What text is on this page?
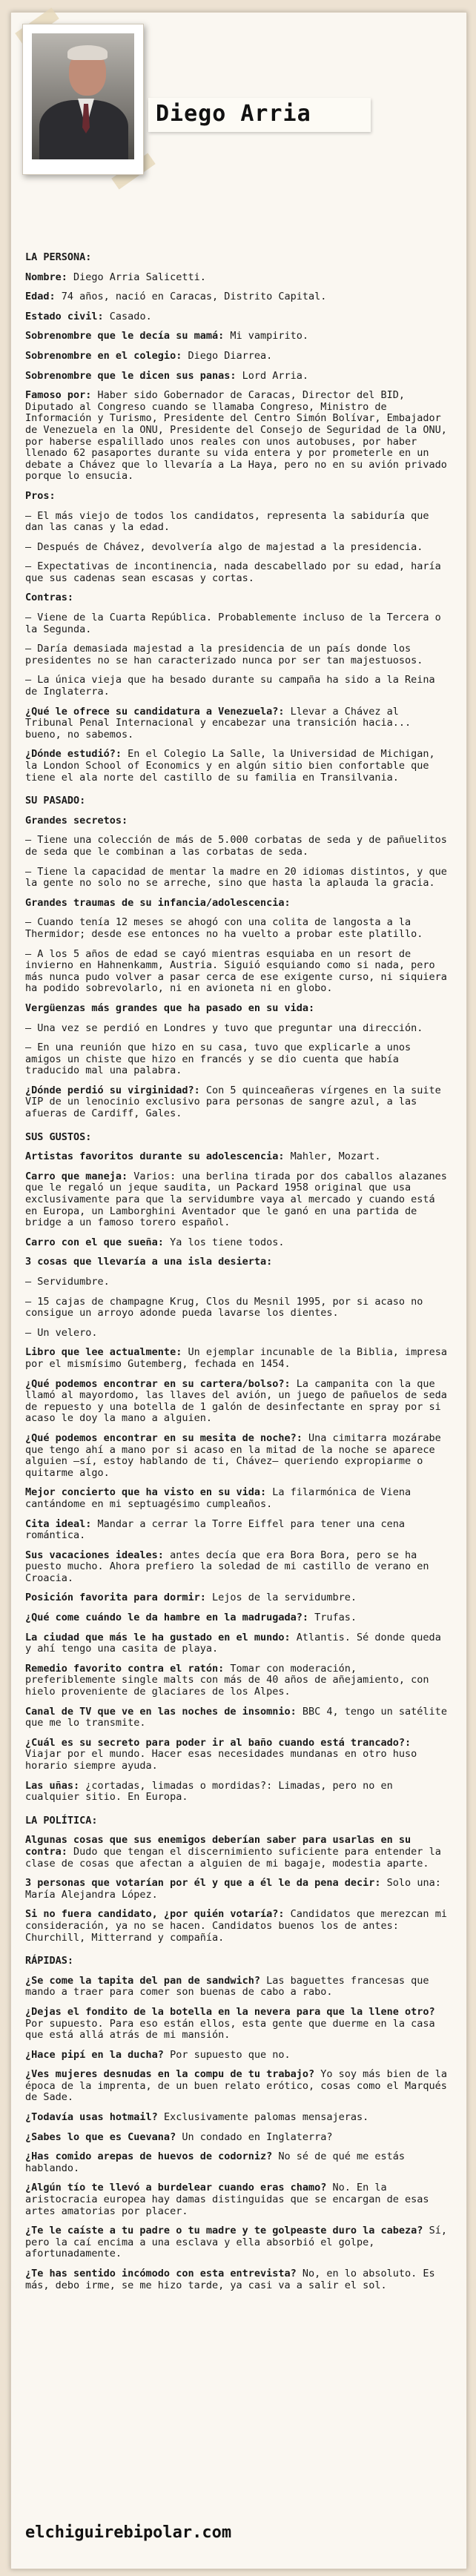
Diego Arria

LA PERSONA:

Nombre: Diego Arria Salicetti.

Edad: 74 años, nació en Caracas, Distrito Capital.

Estado civil: Casado.

Sobrenombre que le decía su mamá: Mi vampirito.

Sobrenombre en el colegio: Diego Diarrea.

Sobrenombre que le dicen sus panas: Lord Arria.

Famoso por: Haber sido Gobernador de Caracas, Director del BID, Diputado al Congreso cuando se llamaba Congreso, Ministro de Información y Turismo, Presidente del Centro Simón Bolívar, Embajador de Venezuela en la ONU, Presidente del Consejo de Seguridad de la ONU, por haberse espalillado unos reales con unos autobuses, por haber llenado 62 pasaportes durante su vida entera y por prometerle en un debate a Chávez que lo llevaría a La Haya, pero no en su avión privado porque lo ensucia.

Pros:

– El más viejo de todos los candidatos, representa la sabiduría que dan las canas y la edad.

– Después de Chávez, devolvería algo de majestad a la presidencia.

– Expectativas de incontinencia, nada descabellado por su edad, haría que sus cadenas sean escasas y cortas.

Contras:

– Viene de la Cuarta República. Probablemente incluso de la Tercera o la Segunda.

– Daría demasiada majestad a la presidencia de un país donde los presidentes no se han caracterizado nunca por ser tan majestuosos.

– La única vieja que ha besado durante su campaña ha sido a la Reina de Inglaterra.

¿Qué le ofrece su candidatura a Venezuela?: Llevar a Chávez al Tribunal Penal Internacional y encabezar una transición hacia... bueno, no sabemos.

¿Dónde estudió?: En el Colegio La Salle, la Universidad de Michigan, la London School of Economics y en algún sitio bien confortable que tiene el ala norte del castillo de su familia en Transilvania.

SU PASADO:

Grandes secretos:

– Tiene una colección de más de 5.000 corbatas de seda y de pañuelitos de seda que le combinan a las corbatas de seda.

– Tiene la capacidad de mentar la madre en 20 idiomas distintos, y que la gente no solo no se arreche, sino que hasta la aplauda la gracia.

Grandes traumas de su infancia/adolescencia:

– Cuando tenía 12 meses se ahogó con una colita de langosta a la Thermidor; desde ese entonces no ha vuelto a probar este platillo.

– A los 5 años de edad se cayó mientras esquiaba en un resort de invierno en Hahnenkamm, Austria. Siguió esquiando como si nada, pero más nunca pudo volver a pasar cerca de ese exigente curso, ni siquiera ha podido sobrevolarlo, ni en avioneta ni en globo.

Vergüenzas más grandes que ha pasado en su vida:

– Una vez se perdió en Londres y tuvo que preguntar una dirección.

– En una reunión que hizo en su casa, tuvo que explicarle a unos amigos un chiste que hizo en francés y se dio cuenta que había traducido mal una palabra.

¿Dónde perdió su virginidad?: Con 5 quinceañeras vírgenes en la suite VIP de un lenocinio exclusivo para personas de sangre azul, a las afueras de Cardiff, Gales.

SUS GUSTOS:

Artistas favoritos durante su adolescencia: Mahler, Mozart.

Carro que maneja: Varios: una berlina tirada por dos caballos alazanes que le regaló un jeque saudita, un Packard 1958 original que usa exclusivamente para que la servidumbre vaya al mercado y cuando está en Europa, un Lamborghini Aventador que le ganó en una partida de bridge a un famoso torero español.

Carro con el que sueña: Ya los tiene todos.

3 cosas que llevaría a una isla desierta:

– Servidumbre.

– 15 cajas de champagne Krug, Clos du Mesnil 1995, por si acaso no consigue un arroyo adonde pueda lavarse los dientes.

– Un velero.

Libro que lee actualmente: Un ejemplar incunable de la Biblia, impresa por el mismísimo Gutemberg, fechada en 1454.

¿Qué podemos encontrar en su cartera/bolso?: La campanita con la que llamó al mayordomo, las llaves del avión, un juego de pañuelos de seda de repuesto y una botella de 1 galón de desinfectante en spray por si acaso le doy la mano a alguien.

¿Qué podemos encontrar en su mesita de noche?: Una cimitarra mozárabe que tengo ahí a mano por si acaso en la mitad de la noche se aparece alguien –sí, estoy hablando de ti, Chávez– queriendo expropiarme o quitarme algo.

Mejor concierto que ha visto en su vida: La filarmónica de Viena cantándome en mi septuagésimo cumpleaños.

Cita ideal: Mandar a cerrar la Torre Eiffel para tener una cena romántica.

Sus vacaciones ideales: antes decía que era Bora Bora, pero se ha puesto mucho. Ahora prefiero la soledad de mi castillo de verano en Croacia.

Posición favorita para dormir: Lejos de la servidumbre.

¿Qué come cuándo le da hambre en la madrugada?: Trufas.

La ciudad que más le ha gustado en el mundo: Atlantis. Sé donde queda y ahí tengo una casita de playa.

Remedio favorito contra el ratón: Tomar con moderación, preferiblemente single malts con más de 40 años de añejamiento, con hielo proveniente de glaciares de los Alpes.

Canal de TV que ve en las noches de insomnio: BBC 4, tengo un satélite que me lo transmite.

¿Cuál es su secreto para poder ir al baño cuando está trancado?: Viajar por el mundo. Hacer esas necesidades mundanas en otro huso horario siempre ayuda.

Las uñas: ¿cortadas, limadas o mordidas?: Limadas, pero no en cualquier sitio. En Europa.

LA POLÍTICA:

Algunas cosas que sus enemigos deberían saber para usarlas en su contra: Dudo que tengan el discernimiento suficiente para entender la clase de cosas que afectan a alguien de mi bagaje, modestia aparte.

3 personas que votarían por él y que a él le da pena decir: Solo una: María Alejandra López.

Si no fuera candidato, ¿por quién votaría?: Candidatos que merezcan mi consideración, ya no se hacen. Candidatos buenos los de antes: Churchill, Mitterrand y compañía.

RÁPIDAS:

¿Se come la tapita del pan de sandwich? Las baguettes francesas que mando a traer para comer son buenas de cabo a rabo.

¿Dejas el fondito de la botella en la nevera para que la llene otro? Por supuesto. Para eso están ellos, esta gente que duerme en la casa que está allá atrás de mi mansión.

¿Hace pipí en la ducha? Por supuesto que no.

¿Ves mujeres desnudas en la compu de tu trabajo? Yo soy más bien de la época de la imprenta, de un buen relato erótico, cosas como el Marqués de Sade.

¿Todavía usas hotmail? Exclusivamente palomas mensajeras.

¿Sabes lo que es Cuevana? Un condado en Inglaterra?

¿Has comido arepas de huevos de codorniz? No sé de qué me estás hablando.

¿Algún tío te llevó a burdelear cuando eras chamo? No. En la aristocracia europea hay damas distinguidas que se encargan de esas artes amatorias por placer.

¿Te le caíste a tu padre o tu madre y te golpeaste duro la cabeza? Sí, pero la caí encima a una esclava y ella absorbió el golpe, afortunadamente.

¿Te has sentido incómodo con esta entrevista? No, en lo absoluto. Es más, debo irme, se me hizo tarde, ya casi va a salir el sol.

elchiguirebipolar.com
